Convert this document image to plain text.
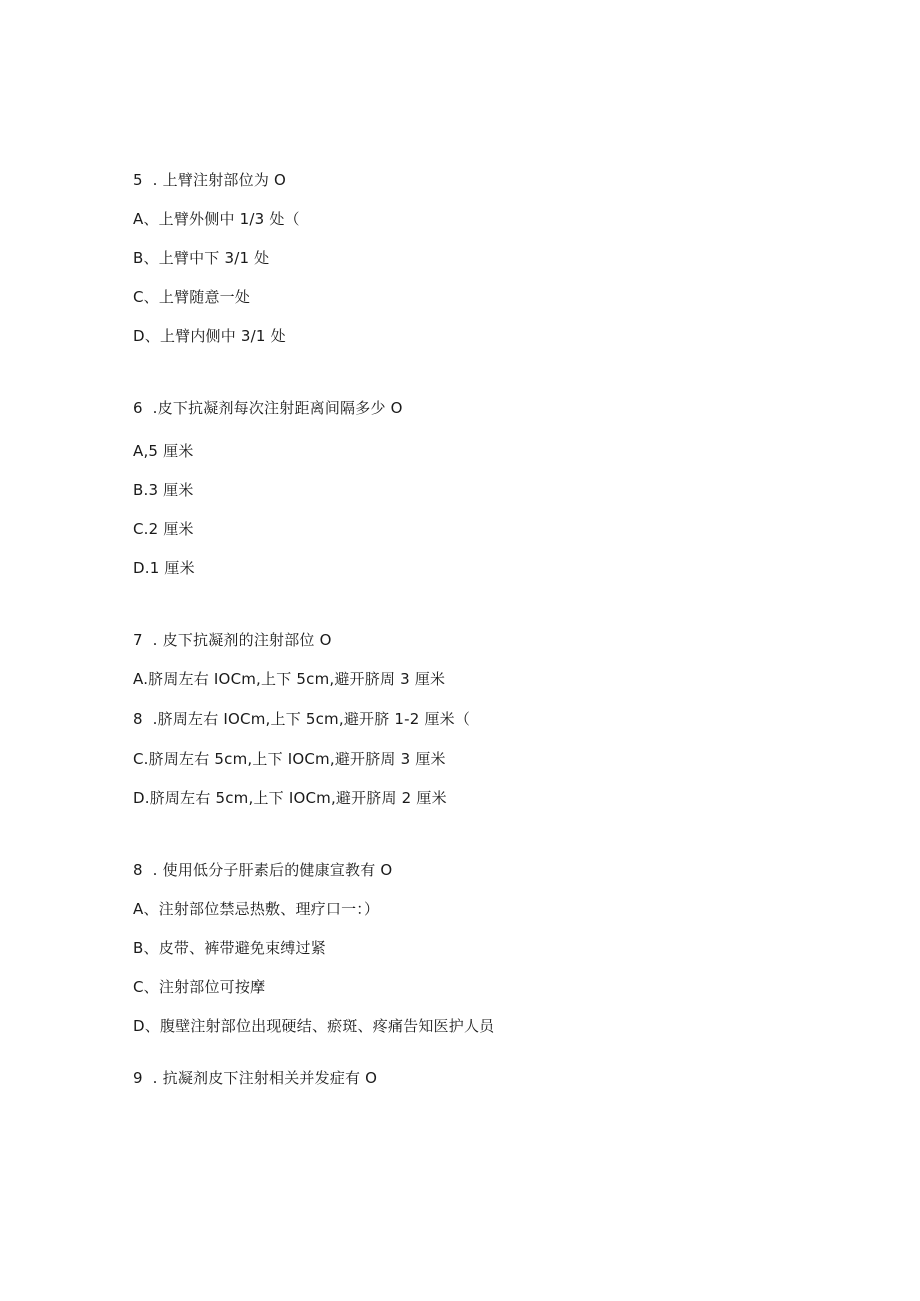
5  . 上臂注射部位为 O
A、上臂外侧中 1/3 处（
B、上臂中下 3/1 处
C、上臂随意一处
D、上臂内侧中 3/1 处
6  .皮下抗凝剂每次注射距离间隔多少 O
A,5 厘米
B.3 厘米
C.2 厘米
D.1 厘米
7  . 皮下抗凝剂的注射部位 O
A.脐周左右 IOCm,上下 5cm,避开脐周 3 厘米
8  .脐周左右 IOCm,上下 5cm,避开脐 1-2 厘米（
C.脐周左右 5cm,上下 IOCm,避开脐周 3 厘米
D.脐周左右 5cm,上下 IOCm,避开脐周 2 厘米
8  . 使用低分子肝素后的健康宣教有 O
A、注射部位禁忌热敷、理疗口一：）
B、皮带、裤带避免束缚过紧
C、注射部位可按摩
D、腹壁注射部位出现硬结、瘀斑、疼痛告知医护人员
9  . 抗凝剂皮下注射相关并发症有 O
